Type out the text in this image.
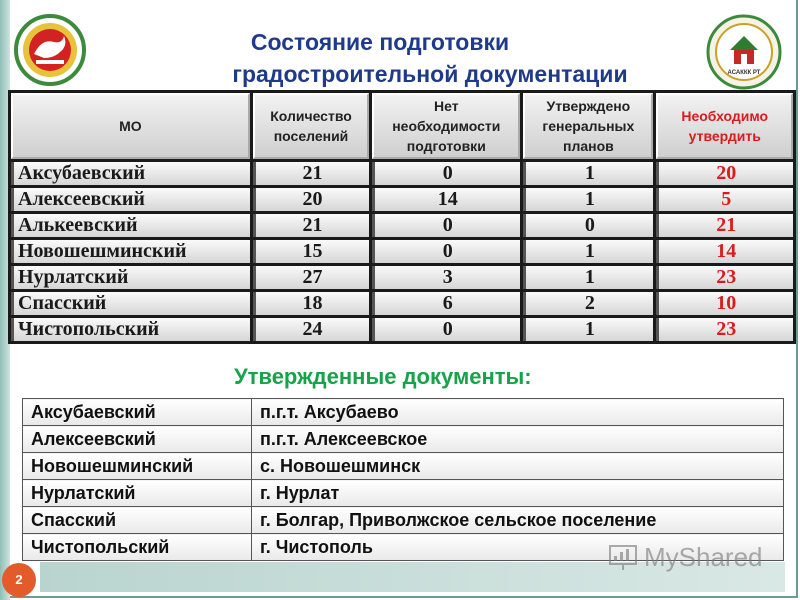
АСАККК РТ
Состояние подготовки
градостроительной документации
МО	Количество поселений	Нет необходимости подготовки	Утверждено генеральных планов	Необходимо утвердить
Аксубаевский	21	0	1	20
Алексеевский	20	14	1	5
Алькеевский	21	0	0	21
Новошешминский	15	0	1	14
Нурлатский	27	3	1	23
Спасский	18	6	2	10
Чистопольский	24	0	1	23
Утвержденные документы:
Аксубаевский	п.г.т. Аксубаево
Алексеевский	п.г.т. Алексеевское
Новошешминский	с. Новошешминск
Нурлатский	г. Нурлат
Спасский	г. Болгар, Приволжское сельское поселение
Чистопольский	г. Чистополь
2
MyShared
